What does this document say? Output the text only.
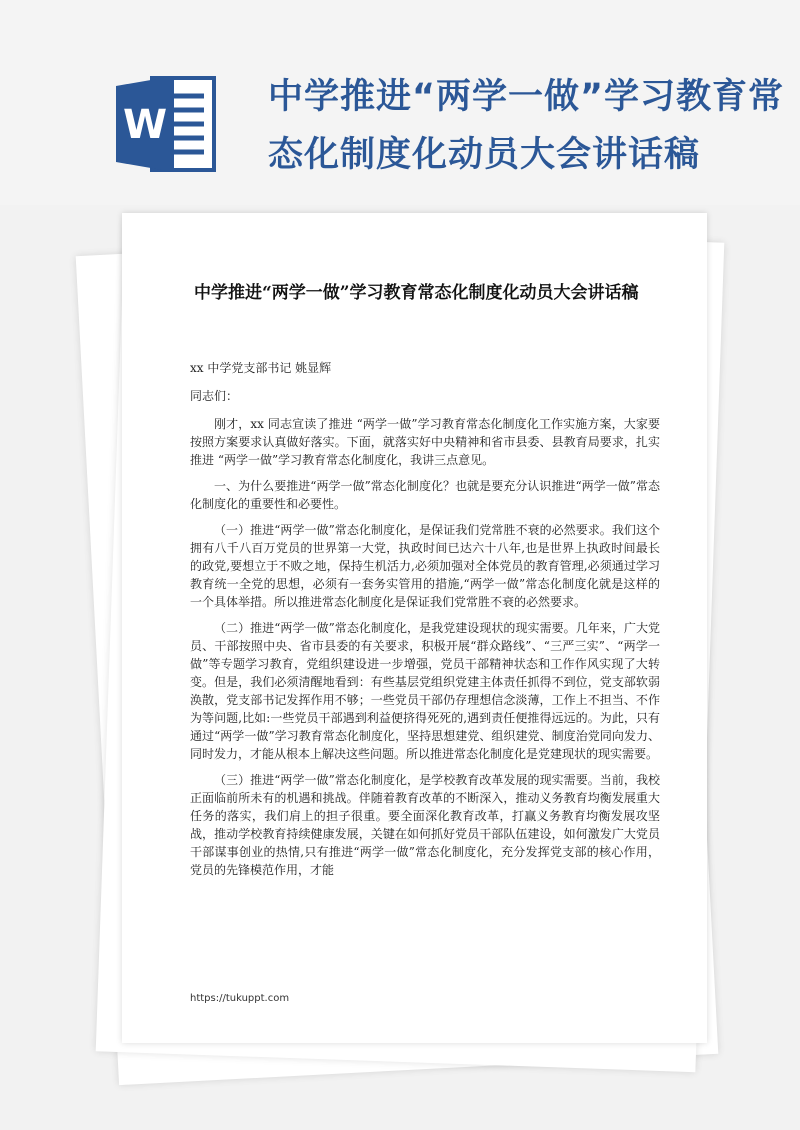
W
中学推进“两学一做”学习教育常态化制度化动员大会讲话稿
中学推进“两学一做”学习教育常态化制度化动员大会讲话稿

xx 中学党支部书记 姚显辉

同志们：

刚才，xx 同志宣读了推进 “两学一做”学习教育常态化制度化工作实施方案，大家要按照方案要求认真做好落实。下面，就落实好中央精神和省市县委、县教育局要求，扎实推进 “两学一做”学习教育常态化制度化，我讲三点意见。

一、为什么要推进“两学一做”常态化制度化？也就是要充分认识推进“两学一做”常态化制度化的重要性和必要性。

（一）推进“两学一做”常态化制度化，是保证我们党常胜不衰的必然要求。我们这个拥有八千八百万党员的世界第一大党，执政时间已达六十八年,也是世界上执政时间最长的政党,要想立于不败之地，保持生机活力,必须加强对全体党员的教育管理,必须通过学习教育统一全党的思想，必须有一套务实管用的措施,“两学一做”常态化制度化就是这样的一个具体举措。所以推进常态化制度化是保证我们党常胜不衰的必然要求。

（二）推进“两学一做”常态化制度化，是我党建设现状的现实需要。几年来，广大党员、干部按照中央、省市县委的有关要求，积极开展“群众路线”、“三严三实”、“两学一做”等专题学习教育，党组织建设进一步增强，党员干部精神状态和工作作风实现了大转变。但是，我们必须清醒地看到：有些基层党组织党建主体责任抓得不到位，党支部软弱涣散，党支部书记发挥作用不够；一些党员干部仍存理想信念淡薄，工作上不担当、不作为等问题,比如:一些党员干部遇到利益便挤得死死的,遇到责任便推得远远的。为此，只有通过“两学一做”学习教育常态化制度化，坚持思想建党、组织建党、制度治党同向发力、同时发力，才能从根本上解决这些问题。所以推进常态化制度化是党建现状的现实需要。

（三）推进“两学一做”常态化制度化，是学校教育改革发展的现实需要。当前，我校正面临前所未有的机遇和挑战。伴随着教育改革的不断深入，推动义务教育均衡发展重大任务的落实，我们肩上的担子很重。要全面深化教育改革，打赢义务教育均衡发展攻坚战，推动学校教育持续健康发展，关键在如何抓好党员干部队伍建设，如何激发广大党员干部谋事创业的热情,只有推进“两学一做”常态化制度化，充分发挥党支部的核心作用，党员的先锋模范作用，才能

https://tukuppt.com
